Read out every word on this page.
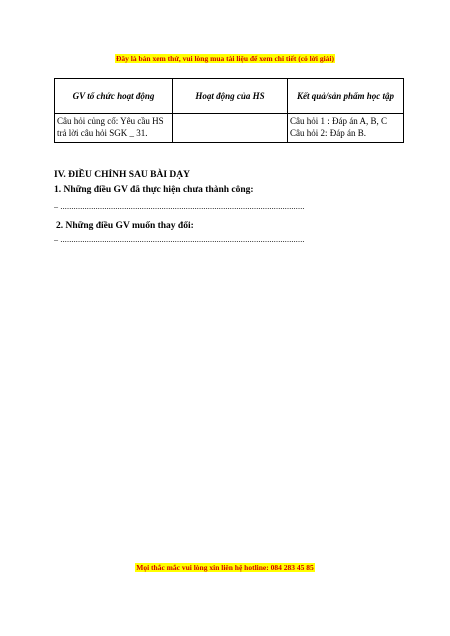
Đây là bản xem thử, vui lòng mua tài liệu để xem chi tiết (có lời giải)
GV tổ chức hoạt động	Hoạt động của HS	Kết quả/sản phẩm học tập
Câu hỏi củng cố: Yêu cầu HS trả lời câu hỏi SGK _ 31.		Câu hỏi 1 : Đáp án A, B, C
Câu hỏi 2: Đáp án B.
IV. ĐIỀU CHỈNH SAU BÀI DẠY
1. Những điều GV đã thực hiện chưa thành công:
– ...............................................................................................................
2. Những điều GV muốn thay đổi:
– ...............................................................................................................
Mọi thắc mắc vui lòng xin liên hệ hotline: 084 283 45 85
